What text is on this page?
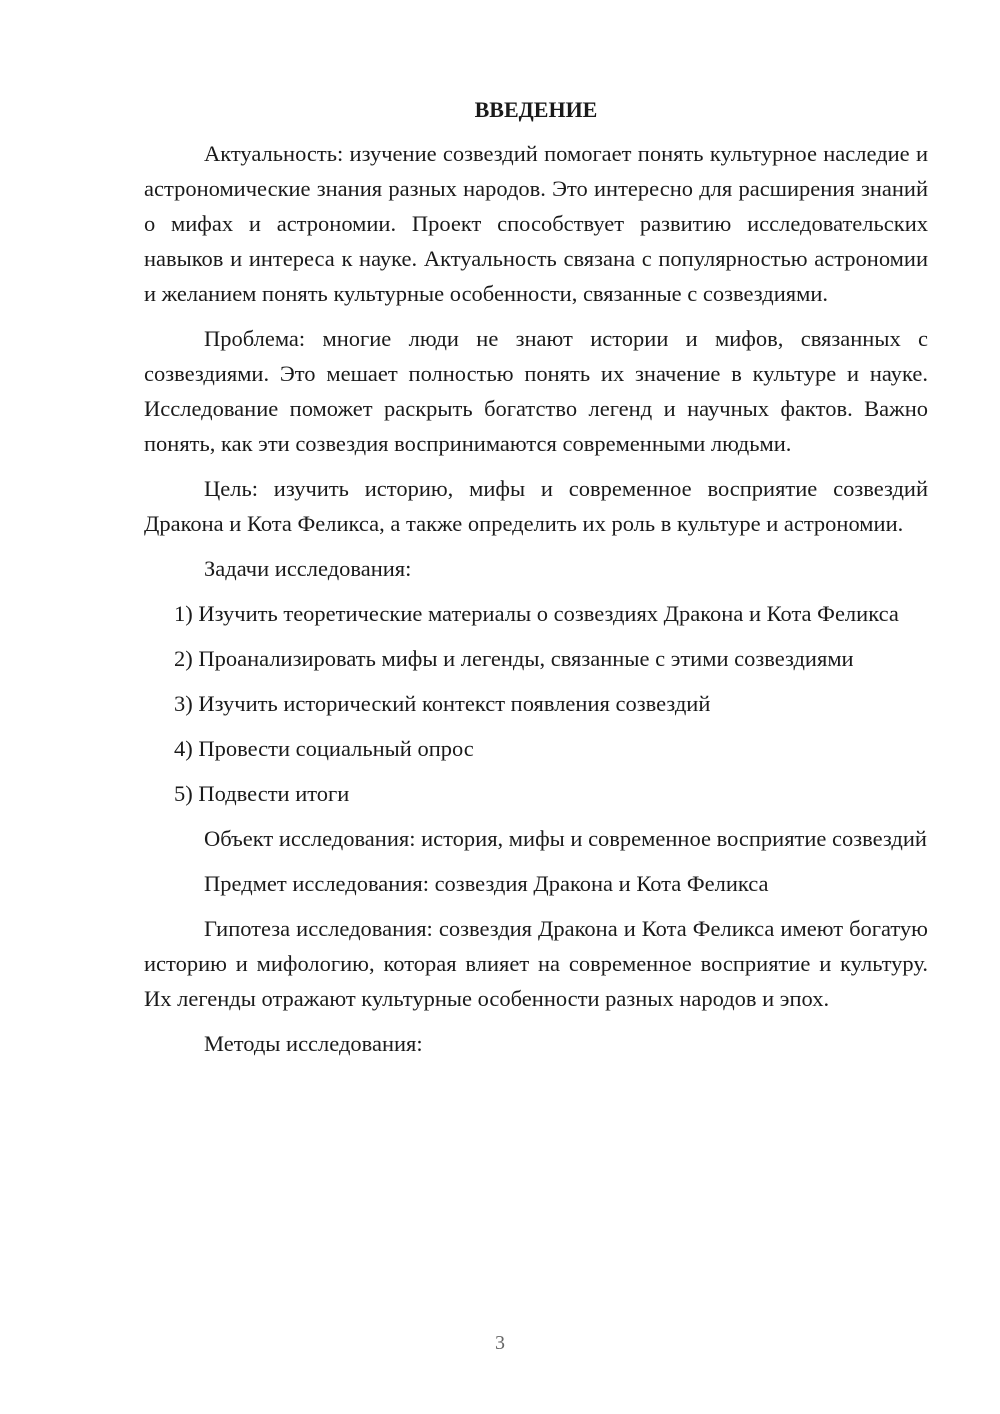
ВВЕДЕНИЕ

Актуальность: изучение созвездий помогает понять культурное наследие и астрономические знания разных народов. Это интересно для расширения знаний о мифах и астрономии. Проект способствует развитию исследовательских навыков и интереса к науке. Актуальность связана с популярностью астрономии и желанием понять культурные особенности, связанные с созвездиями.

Проблема: многие люди не знают истории и мифов, связанных с созвездиями. Это мешает полностью понять их значение в культуре и науке. Исследование поможет раскрыть богатство легенд и научных фактов. Важно понять, как эти созвездия воспринимаются современными людьми.

Цель: изучить историю, мифы и современное восприятие созвездий Дракона и Кота Феликса, а также определить их роль в культуре и астрономии.

Задачи исследования:

1) Изучить теоретические материалы о созвездиях Дракона и Кота Феликса

2) Проанализировать мифы и легенды, связанные с этими созвездиями

3) Изучить исторический контекст появления созвездий

4) Провести социальный опрос

5) Подвести итоги

Объект исследования: история, мифы и современное восприятие созвездий

Предмет исследования: созвездия Дракона и Кота Феликса

Гипотеза исследования: созвездия Дракона и Кота Феликса имеют богатую историю и мифологию, которая влияет на современное восприятие и культуру. Их легенды отражают культурные особенности разных народов и эпох.

Методы исследования:

3
